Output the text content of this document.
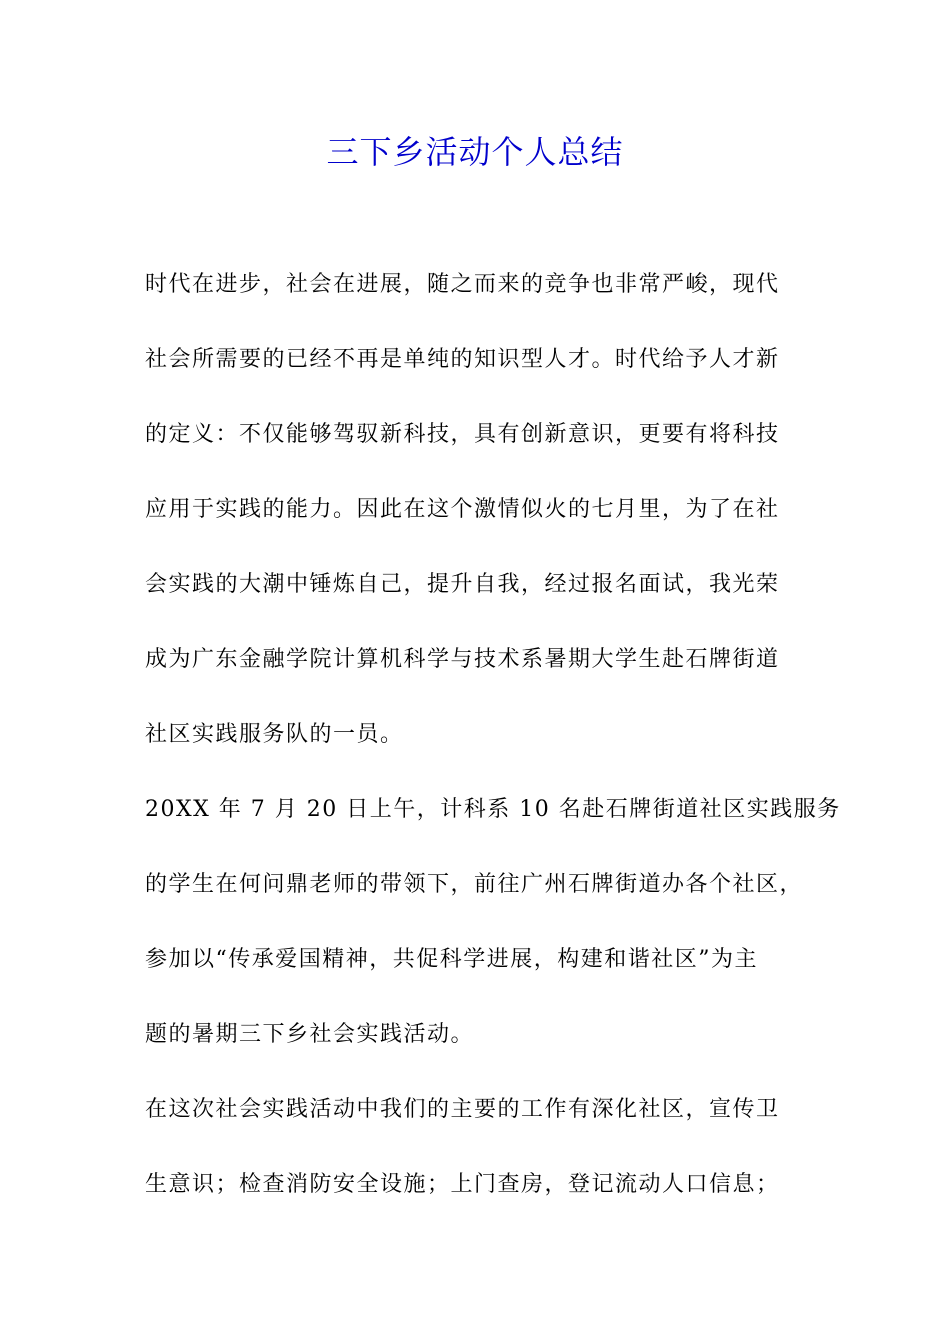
三下乡活动个人总结
时代在进步，社会在进展，随之而来的竞争也非常严峻，现代
社会所需要的已经不再是单纯的知识型人才。时代给予人才新
的定义：不仅能够驾驭新科技，具有创新意识，更要有将科技
应用于实践的能力。因此在这个激情似火的七月里，为了在社
会实践的大潮中锤炼自己，提升自我，经过报名面试，我光荣
成为广东金融学院计算机科学与技术系暑期大学生赴石牌街道
社区实践服务队的一员。
20XX 年 7 月 20 日上午，计科系 10 名赴石牌街道社区实践服务
的学生在何问鼎老师的带领下，前往广州石牌街道办各个社区，
参加以“传承爱国精神，共促科学进展，构建和谐社区”为主
题的暑期三下乡社会实践活动。
在这次社会实践活动中我们的主要的工作有深化社区，宣传卫
生意识；检查消防安全设施；上门查房，登记流动人口信息；
